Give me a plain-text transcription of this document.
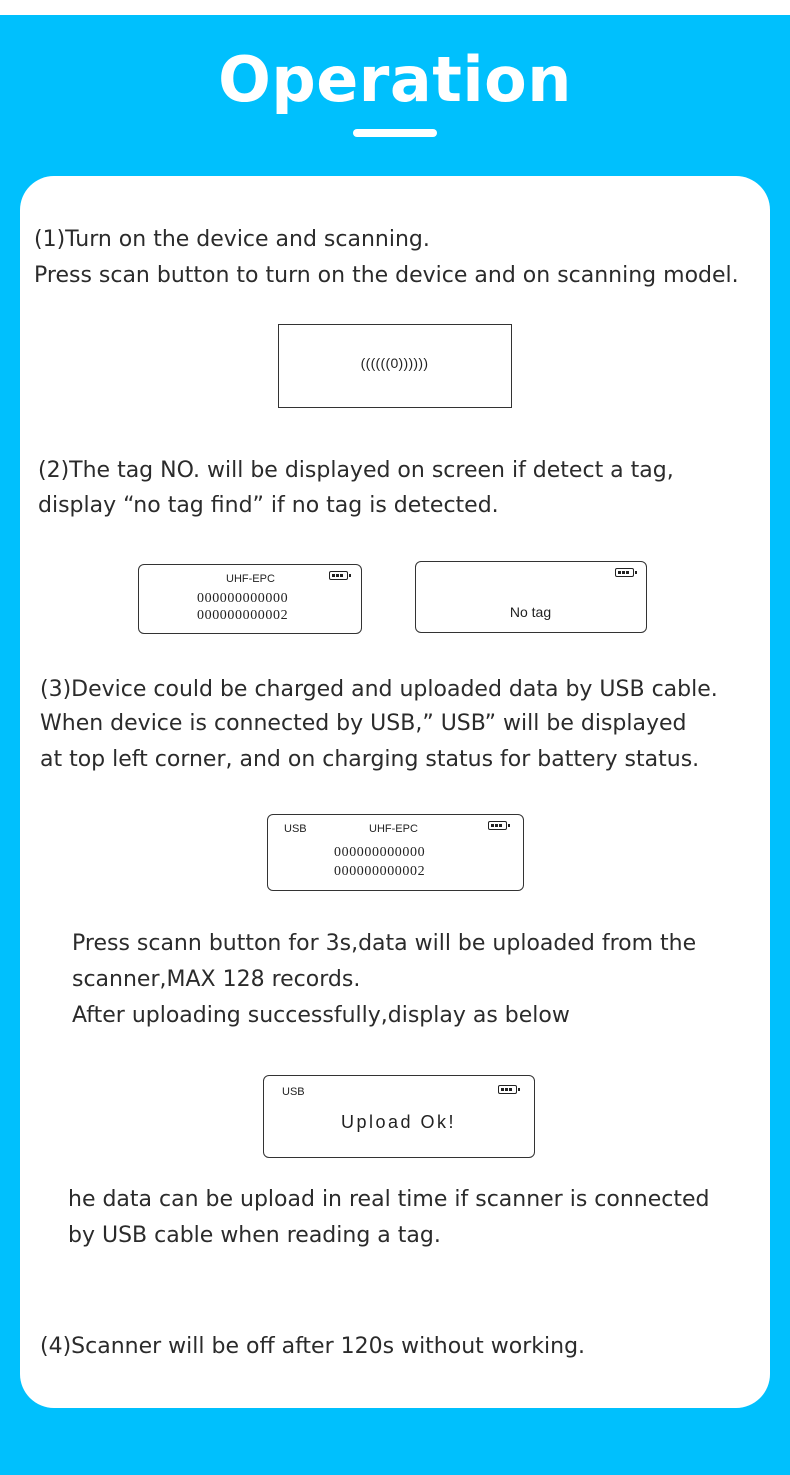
Operation
(1)Turn on the device and scanning.
Press scan button to turn on the device and on scanning model.
((((((0))))))
(2)The tag NO. will be displayed on screen if detect a tag,
display “no tag find” if no tag is detected.
UHF-EPC
000000000000
000000000002	No tag
(3)Device could be charged and uploaded data by USB cable.
When device is connected by USB,” USB” will be displayed
at top left corner, and on charging status for battery status.
USB	UHF-EPC
000000000000
000000000002
Press scann button for 3s,data will be uploaded from the
scanner,MAX 128 records.
After uploading successfully,display as below
USB
Upload Ok!
he data can be upload in real time if scanner is connected
by USB cable when reading a tag.
(4)Scanner will be off after 120s without working.
